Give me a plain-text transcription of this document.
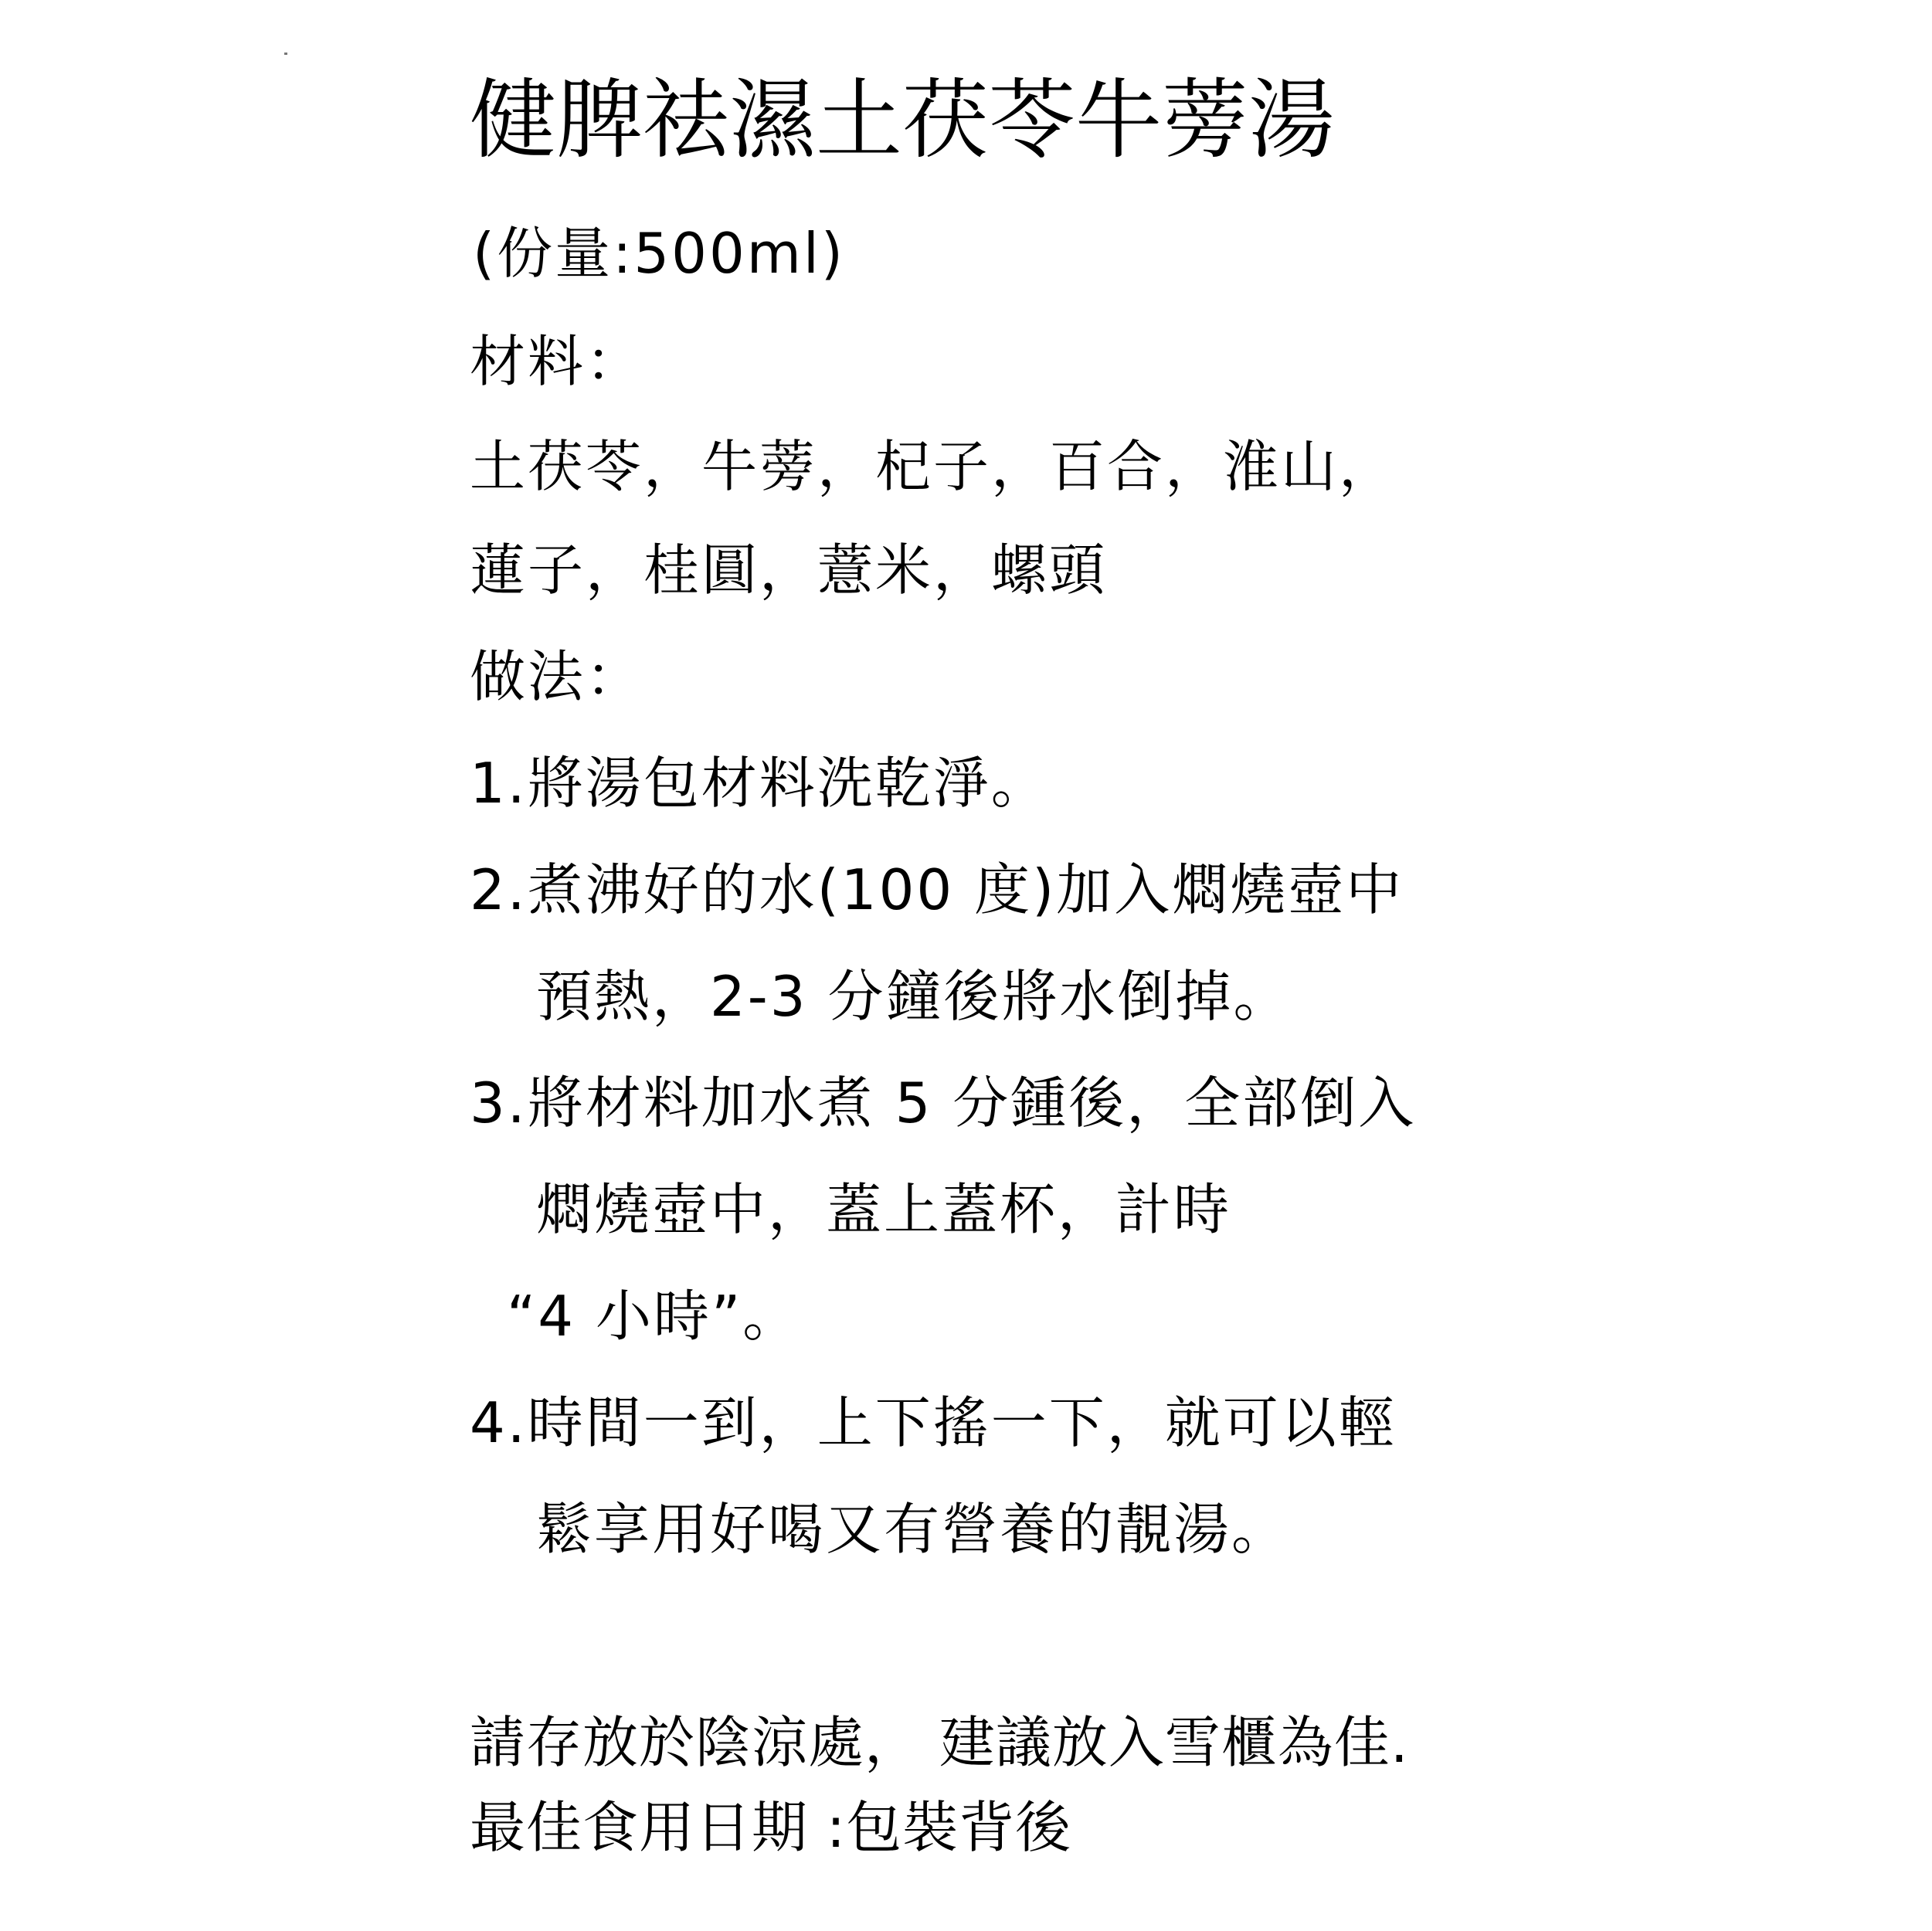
健脾祛濕土茯苓牛蒡湯
(份量:500ml)
材料：
土茯苓，牛蒡，杞子，百合，淮山，
蓮子，桂圓，薏米，螺頭
做法：
1.將湯包材料洗乾淨。
2.煮沸好的水(100 度)加入燜燒壺中
預熱，2-3 分鐘後將水倒掉。
3.將材料加水煮 5 分鍾後，全部倒入
燜燒壺中，蓋上蓋杯，計時
“4 小時”。
4.時間一到，上下搖一下，就可以輕
鬆享用好喝又有營養的靚湯。
請存放於陰涼處， 建議放入雪櫃為佳.
最佳食用日期 :包裝背後
